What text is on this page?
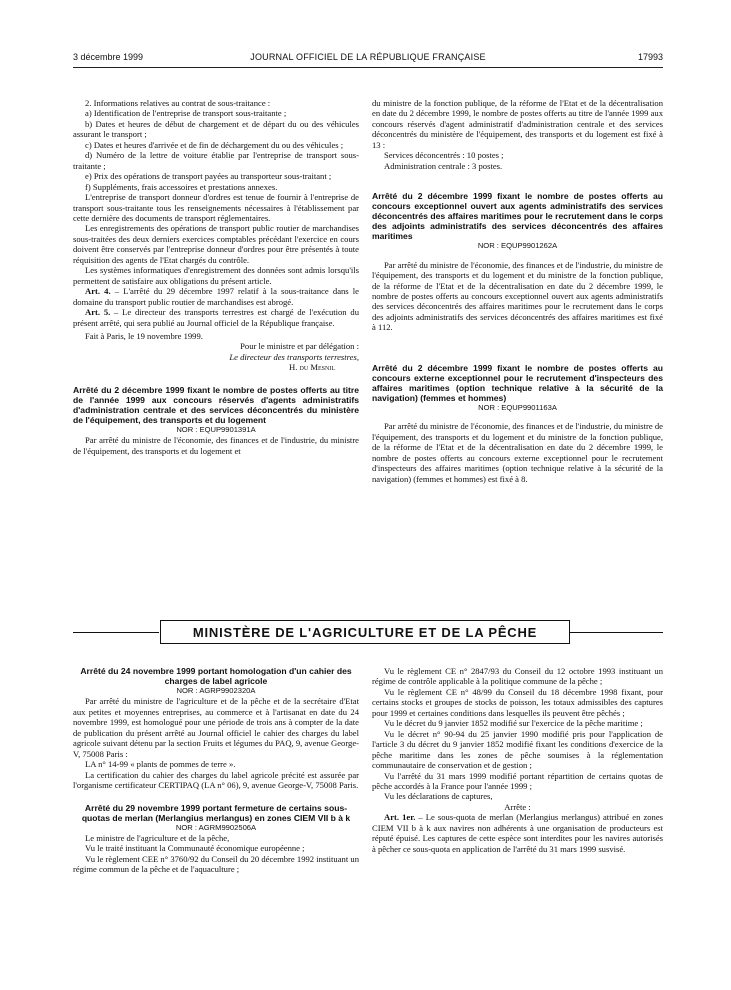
3 décembre 1999	JOURNAL OFFICIEL DE LA RÉPUBLIQUE FRANÇAISE	17993

2. Informations relatives au contrat de sous-traitance :

a) Identification de l'entreprise de transport sous-traitante ;

b) Dates et heures de début de chargement et de départ du ou des véhicules assurant le transport ;

c) Dates et heures d'arrivée et de fin de déchargement du ou des véhicules ;

d) Numéro de la lettre de voiture établie par l'entreprise de transport sous-traitante ;

e) Prix des opérations de transport payées au transporteur sous-traitant ;

f) Suppléments, frais accessoires et prestations annexes.

L'entreprise de transport donneur d'ordres est tenue de fournir à l'entreprise de transport sous-traitante tous les renseignements nécessaires à l'établissement par cette dernière des documents de transport réglementaires.

Les enregistrements des opérations de transport public routier de marchandises sous-traitées des deux derniers exercices comptables précédant l'exercice en cours doivent être conservés par l'entreprise donneur d'ordres pour être présentés à toute réquisition des agents de l'Etat chargés du contrôle.

Les systèmes informatiques d'enregistrement des données sont admis lorsqu'ils permettent de satisfaire aux obligations du présent article.

Art. 4. – L'arrêté du 29 décembre 1997 relatif à la sous-traitance dans le domaine du transport public routier de marchandises est abrogé.

Art. 5. – Le directeur des transports terrestres est chargé de l'exécution du présent arrêté, qui sera publié au Journal officiel de la République française.

Fait à Paris, le 19 novembre 1999.

Pour le ministre et par délégation :

Le directeur des transports terrestres,

H. du Mesnil

Arrêté du 2 décembre 1999 fixant le nombre de postes offerts au titre de l'année 1999 aux concours réservés d'agents administratifs d'administration centrale et des services déconcentrés du ministère de l'équipement, des transports et du logement

NOR : EQUP9901391A

Par arrêté du ministre de l'économie, des finances et de l'industrie, du ministre de l'équipement, des transports et du logement et

du ministre de la fonction publique, de la réforme de l'Etat et de la décentralisation en date du 2 décembre 1999, le nombre de postes offerts au titre de l'année 1999 aux concours réservés d'agent administratif d'administration centrale et des services déconcentrés du ministère de l'équipement, des transports et du logement est fixé à 13 :

Services déconcentrés : 10 postes ;

Administration centrale : 3 postes.

Arrêté du 2 décembre 1999 fixant le nombre de postes offerts au concours exceptionnel ouvert aux agents administratifs des services déconcentrés des affaires maritimes pour le recrutement dans le corps des adjoints administratifs des services déconcentrés des affaires maritimes

NOR : EQUP9901262A

Par arrêté du ministre de l'économie, des finances et de l'industrie, du ministre de l'équipement, des transports et du logement et du ministre de la fonction publique, de la réforme de l'Etat et de la décentralisation en date du 2 décembre 1999, le nombre de postes offerts au concours exceptionnel ouvert aux agents administratifs des services déconcentrés des affaires maritimes pour le recrutement dans le corps des adjoints administratifs des services déconcentrés des affaires maritimes est fixé à 112.

Arrêté du 2 décembre 1999 fixant le nombre de postes offerts au concours externe exceptionnel pour le recrutement d'inspecteurs des affaires maritimes (option technique relative à la sécurité de la navigation) (femmes et hommes)

NOR : EQUP9901163A

Par arrêté du ministre de l'économie, des finances et de l'industrie, du ministre de l'équipement, des transports et du logement et du ministre de la fonction publique, de la réforme de l'Etat et de la décentralisation en date du 2 décembre 1999, le nombre de postes offerts au concours externe exceptionnel pour le recrutement d'inspecteurs des affaires maritimes (option technique relative à la sécurité de la navigation) (femmes et hommes) est fixé à 8.

MINISTÈRE DE L'AGRICULTURE ET DE LA PÊCHE

Arrêté du 24 novembre 1999 portant homologation d'un cahier des charges de label agricole

NOR : AGRP9902320A

Par arrêté du ministre de l'agriculture et de la pêche et de la secrétaire d'Etat aux petites et moyennes entreprises, au commerce et à l'artisanat en date du 24 novembre 1999, est homologué pour une période de trois ans à compter de la date de publication du présent arrêté au Journal officiel le cahier des charges du label agricole suivant détenu par la section Fruits et légumes du PAQ, 9, avenue George-V, 75008 Paris :

LA n° 14-99 « plants de pommes de terre ».

La certification du cahier des charges du label agricole précité est assurée par l'organisme certificateur CERTIPAQ (LA n° 06), 9, avenue George-V, 75008 Paris.

Arrêté du 29 novembre 1999 portant fermeture de certains sous-quotas de merlan (Merlangius merlangus) en zones CIEM VII b à k

NOR : AGRM9902506A

Le ministre de l'agriculture et de la pêche,

Vu le traité instituant la Communauté économique européenne ;

Vu le règlement CEE n° 3760/92 du Conseil du 20 décembre 1992 instituant un régime commun de la pêche et de l'aquaculture ;

Vu le règlement CE n° 2847/93 du Conseil du 12 octobre 1993 instituant un régime de contrôle applicable à la politique commune de la pêche ;

Vu le règlement CE n° 48/99 du Conseil du 18 décembre 1998 fixant, pour certains stocks et groupes de stocks de poisson, les totaux admissibles des captures pour 1999 et certaines conditions dans lesquelles ils peuvent être pêchés ;

Vu le décret du 9 janvier 1852 modifié sur l'exercice de la pêche maritime ;

Vu le décret n° 90-94 du 25 janvier 1990 modifié pris pour l'application de l'article 3 du décret du 9 janvier 1852 modifié fixant les conditions d'exercice de la pêche maritime dans les zones de pêche soumises à la réglementation communautaire de conservation et de gestion ;

Vu l'arrêté du 31 mars 1999 modifié portant répartition de certains quotas de pêche accordés à la France pour l'année 1999 ;

Vu les déclarations de captures,

Arrête :

Art. 1er. – Le sous-quota de merlan (Merlangius merlangus) attribué en zones CIEM VII b à k aux navires non adhérents à une organisation de producteurs est réputé épuisé. Les captures de cette espèce sont interdites pour les navires autorisés à pêcher ce sous-quota en application de l'arrêté du 31 mars 1999 susvisé.
